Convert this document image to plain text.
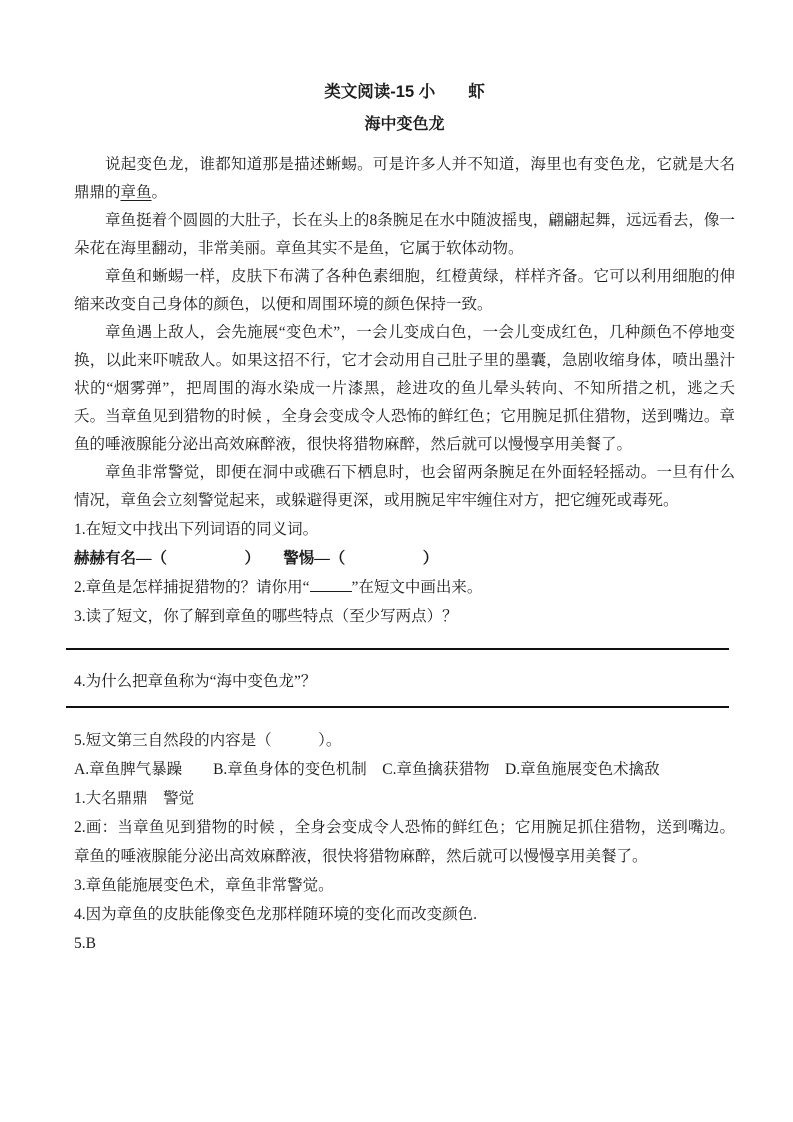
类文阅读-15 小　　虾
海中变色龙

说起变色龙，谁都知道那是描述蜥蜴。可是许多人并不知道，海里也有变色龙，它就是大名鼎鼎的章鱼。

章鱼挺着个圆圆的大肚子，长在头上的8条腕足在水中随波摇曳，翩翩起舞，远远看去，像一朵花在海里翻动，非常美丽。章鱼其实不是鱼，它属于软体动物。

章鱼和蜥蜴一样，皮肤下布满了各种色素细胞，红橙黄绿，样样齐备。它可以利用细胞的伸缩来改变自己身体的颜色，以便和周围环境的颜色保持一致。

章鱼遇上敌人，会先施展“变色术”，一会儿变成白色，一会儿变成红色，几种颜色不停地变换，以此来吓唬敌人。如果这招不行，它才会动用自己肚子里的墨囊，急剧收缩身体，喷出墨汁状的“烟雾弹”，把周围的海水染成一片漆黑，趁进攻的鱼儿晕头转向、不知所措之机，逃之夭夭。当章鱼见到猎物的时候 ，全身会变成令人恐怖的鲜红色；它用腕足抓住猎物，送到嘴边。章鱼的唾液腺能分泌出高效麻醉液，很快将猎物麻醉，然后就可以慢慢享用美餐了。

章鱼非常警觉，即便在洞中或礁石下栖息时，也会留两条腕足在外面轻轻摇动。一旦有什么情况，章鱼会立刻警觉起来，或躲避得更深，或用腕足牢牢缠住对方，把它缠死或毒死。

1.在短文中找出下列词语的同义词。

赫赫有名—（　　　　　）　　警惕—（　　　　　）

2.章鱼是怎样捕捉猎物的？请你用“	”在短文中画出来。

3.读了短文，你了解到章鱼的哪些特点（至少写两点）？

4.为什么把章鱼称为“海中变色龙”？

5.短文第三自然段的内容是（　　　）。

A.章鱼脾气暴躁　　B.章鱼身体的变色机制　C.章鱼擒获猎物　D.章鱼施展变色术擒敌

1.大名鼎鼎　警觉

2.画：当章鱼见到猎物的时候 ，全身会变成令人恐怖的鲜红色；它用腕足抓住猎物，送到嘴边。章鱼的唾液腺能分泌出高效麻醉液，很快将猎物麻醉，然后就可以慢慢享用美餐了。

3.章鱼能施展变色术，章鱼非常警觉。

4.因为章鱼的皮肤能像变色龙那样随环境的变化而改变颜色.

5.B
